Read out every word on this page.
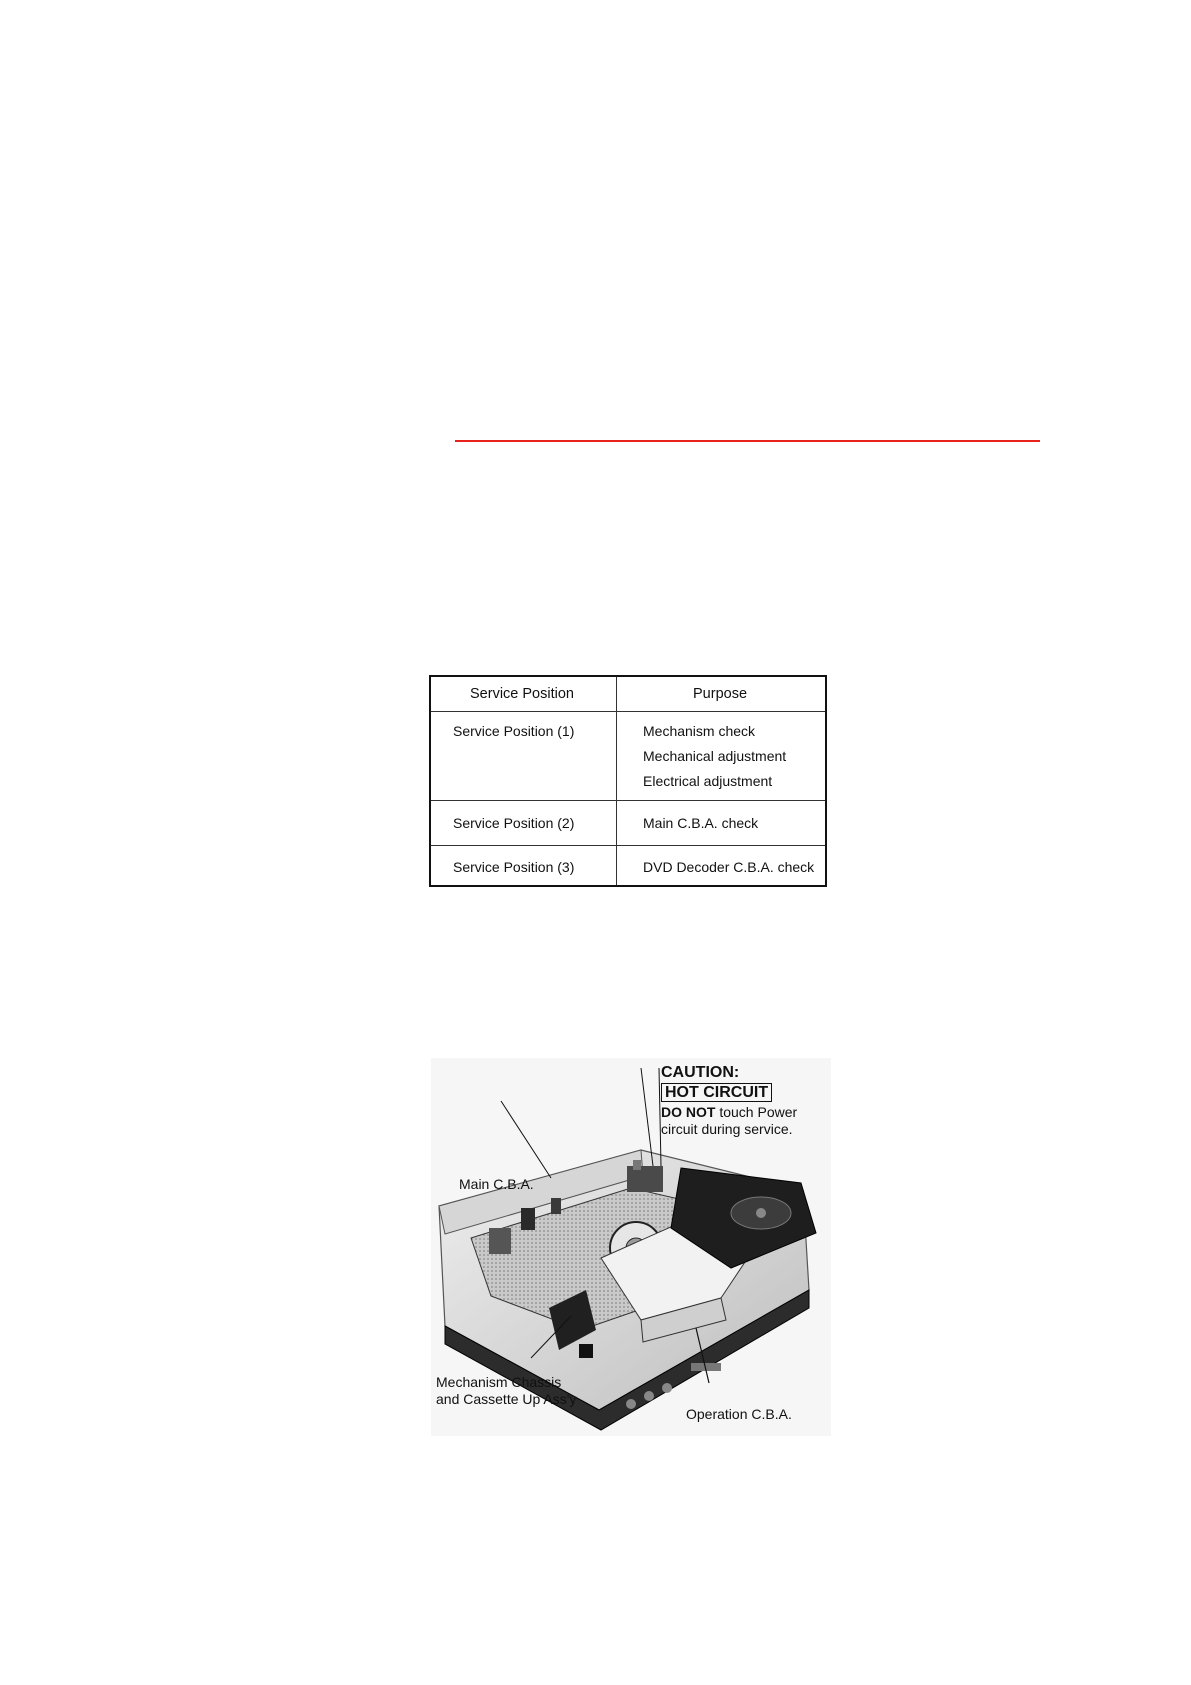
Service Position	Purpose
Service Position (1)	Mechanism check
Mechanical adjustment
Electrical adjustment
Service Position (2)	Main C.B.A. check
Service Position (3)	DVD Decoder C.B.A. check
CAUTION:
HOT CIRCUIT
DO NOT touch Power
circuit during service.
Main C.B.A.
Mechanism Chassis
and Cassette Up Ass'y
Operation C.B.A.
